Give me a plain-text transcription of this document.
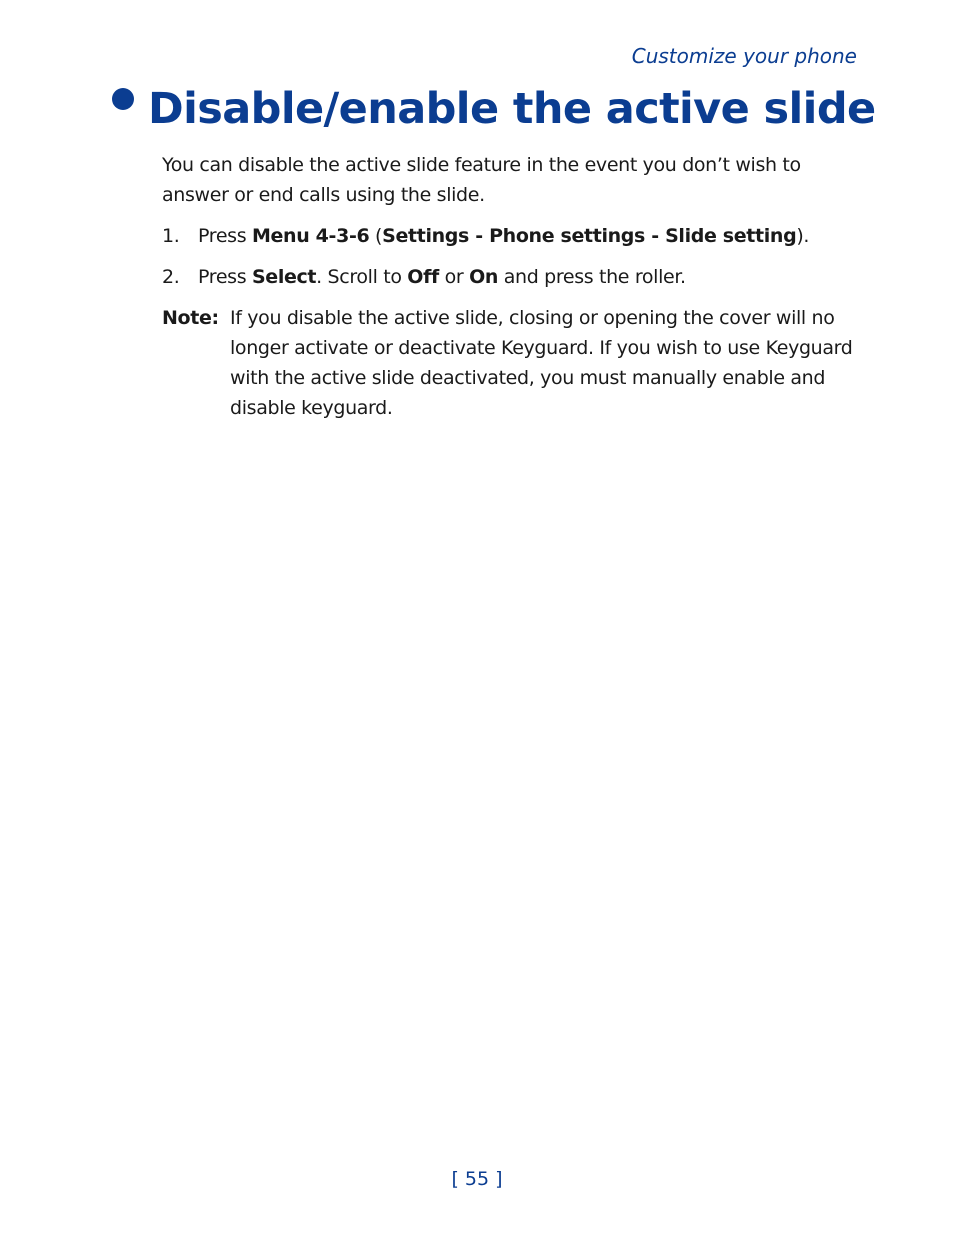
Customize your phone
Disable/enable the active slide

You can disable the active slide feature in the event you don’t wish to answer or end calls using the slide.

1. Press Menu 4-3-6 (Settings - Phone settings - Slide setting).
2. Press Select. Scroll to Off or On and press the roller.
Note: If you disable the active slide, closing or opening the cover will no longer activate or deactivate Keyguard. If you wish to use Keyguard with the active slide deactivated, you must manually enable and disable keyguard.
[ 55 ]
